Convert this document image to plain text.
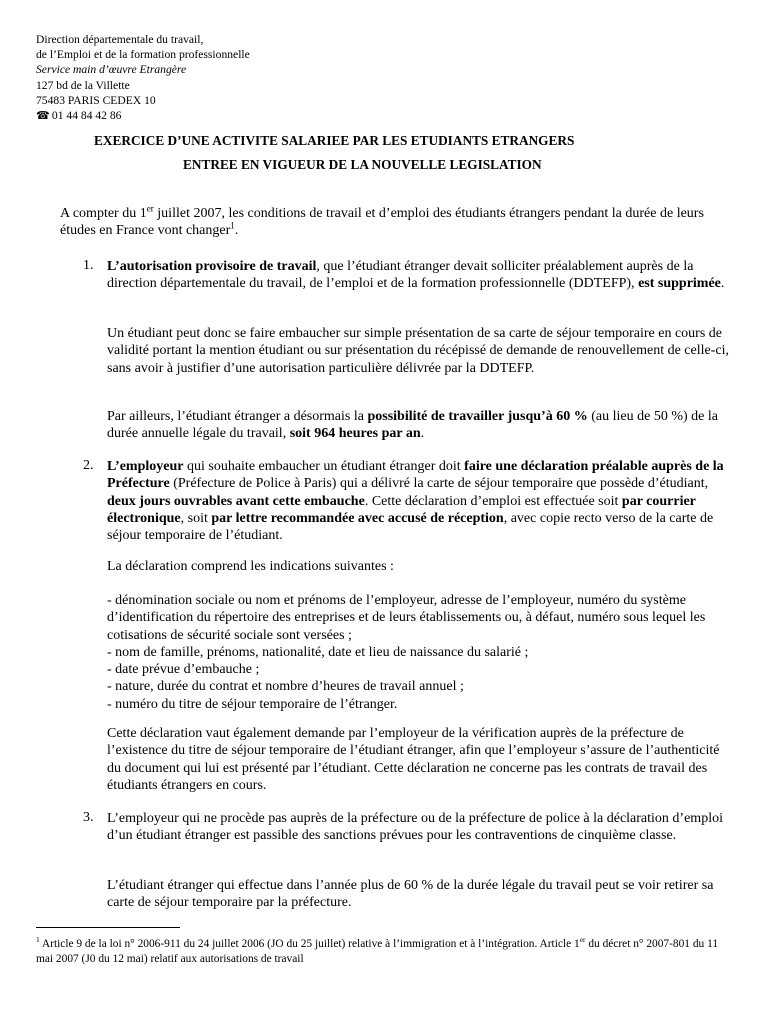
Direction départementale du travail,
de l’Emploi et de la formation professionnelle
Service main d’œuvre Etrangère
127 bd de la Villette
75483 PARIS CEDEX 10
☎ 01 44 84 42 86
EXERCICE D’UNE ACTIVITE SALARIEE PAR LES ETUDIANTS ETRANGERS
ENTREE EN VIGUEUR DE LA NOUVELLE LEGISLATION
A compter du 1er juillet 2007, les conditions de travail et d’emploi des étudiants étrangers pendant la durée de leurs études en France vont changer$^1$.
1. L’autorisation provisoire de travail, que l’étudiant étranger devait solliciter préalablement auprès de la direction départementale du travail, de l’emploi et de la formation professionnelle (DDTEFP), est supprimée.
Un étudiant peut donc se faire embaucher sur simple présentation de sa carte de séjour temporaire en cours de validité portant la mention étudiant ou sur présentation du récépissé de demande de renouvellement de celle-ci, sans avoir à justifier d’une autorisation particulière délivrée par la DDTEFP.
Par ailleurs, l’étudiant étranger a désormais la possibilité de travailler jusqu’à 60 % (au lieu de 50 %) de la durée annuelle légale du travail, soit 964 heures par an.
2. L’employeur qui souhaite embaucher un étudiant étranger doit faire une déclaration préalable auprès de la Préfecture (Préfecture de Police à Paris) qui a délivré la carte de séjour temporaire que possède d’étudiant, deux jours ouvrables avant cette embauche. Cette déclaration d’emploi est effectuée soit par courrier électronique, soit par lettre recommandée avec accusé de réception, avec copie recto verso de la carte de séjour temporaire de l’étudiant.
La déclaration comprend les indications suivantes :
- dénomination sociale ou nom et prénoms de l’employeur, adresse de l’employeur, numéro du système d’identification du répertoire des entreprises et de leurs établissements ou, à défaut, numéro sous lequel les cotisations de sécurité sociale sont versées ;
- nom de famille, prénoms, nationalité, date et lieu de naissance du salarié ;
- date prévue d’embauche ;
- nature, durée du contrat et nombre d’heures de travail annuel ;
- numéro du titre de séjour temporaire de l’étranger.
Cette déclaration vaut également demande par l’employeur de la vérification auprès de la préfecture de l’existence du titre de séjour temporaire de l’étudiant étranger, afin que l’employeur s’assure de l’authenticité du document qui lui est présenté par l’étudiant. Cette déclaration ne concerne pas les contrats de travail des étudiants étrangers en cours.
3. L’employeur qui ne procède pas auprès de la préfecture ou de la préfecture de police à la déclaration d’emploi d’un étudiant étranger est passible des sanctions prévues pour les contraventions de cinquième classe.
L’étudiant étranger qui effectue dans l’année plus de 60 % de la durée légale du travail peut se voir retirer sa carte de séjour temporaire par la préfecture.
$^1$ Article 9 de la loi n° 2006-911 du 24 juillet 2006 (JO du 25 juillet) relative à l’immigration et à l’intégration. Article 1er du décret n° 2007-801 du 11 mai 2007 (J0 du 12 mai) relatif aux autorisations de travail
